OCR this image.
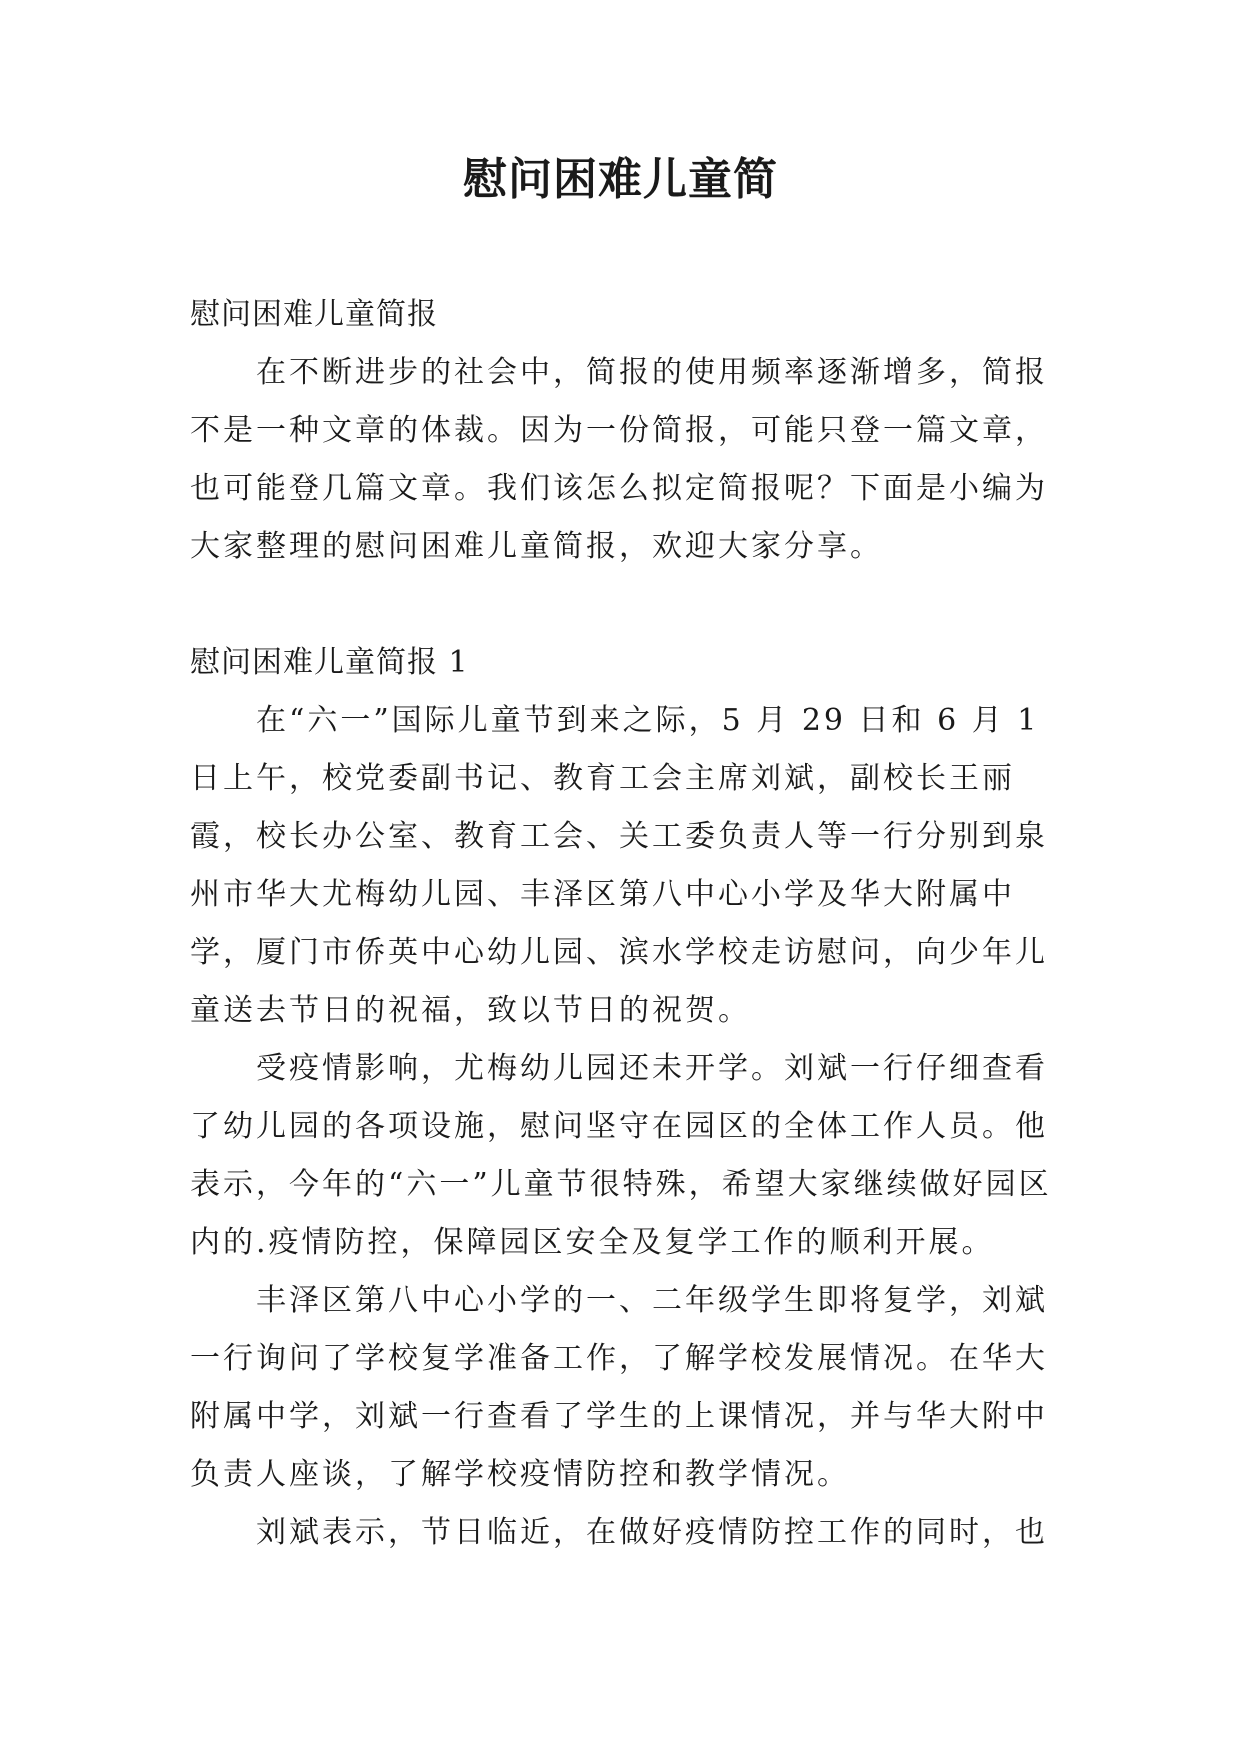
慰问困难儿童简

慰问困难儿童简报

在不断进步的社会中，简报的使用频率逐渐增多，简报不是一种文章的体裁。因为一份简报，可能只登一篇文章，也可能登几篇文章。我们该怎么拟定简报呢？下面是小编为大家整理的慰问困难儿童简报，欢迎大家分享。

慰问困难儿童简报 1

在“六一”国际儿童节到来之际，5 月 29 日和 6 月 1 日上午，校党委副书记、教育工会主席刘斌，副校长王丽霞，校长办公室、教育工会、关工委负责人等一行分别到泉州市华大尤梅幼儿园、丰泽区第八中心小学及华大附属中学，厦门市侨英中心幼儿园、滨水学校走访慰问，向少年儿童送去节日的祝福，致以节日的祝贺。

受疫情影响，尤梅幼儿园还未开学。刘斌一行仔细查看了幼儿园的各项设施，慰问坚守在园区的全体工作人员。他表示，今年的“六一”儿童节很特殊，希望大家继续做好园区内的.疫情防控，保障园区安全及复学工作的顺利开展。

丰泽区第八中心小学的一、二年级学生即将复学，刘斌一行询问了学校复学准备工作，了解学校发展情况。在华大附属中学，刘斌一行查看了学生的上课情况，并与华大附中负责人座谈，了解学校疫情防控和教学情况。

刘斌表示，节日临近，在做好疫情防控工作的同时，也
